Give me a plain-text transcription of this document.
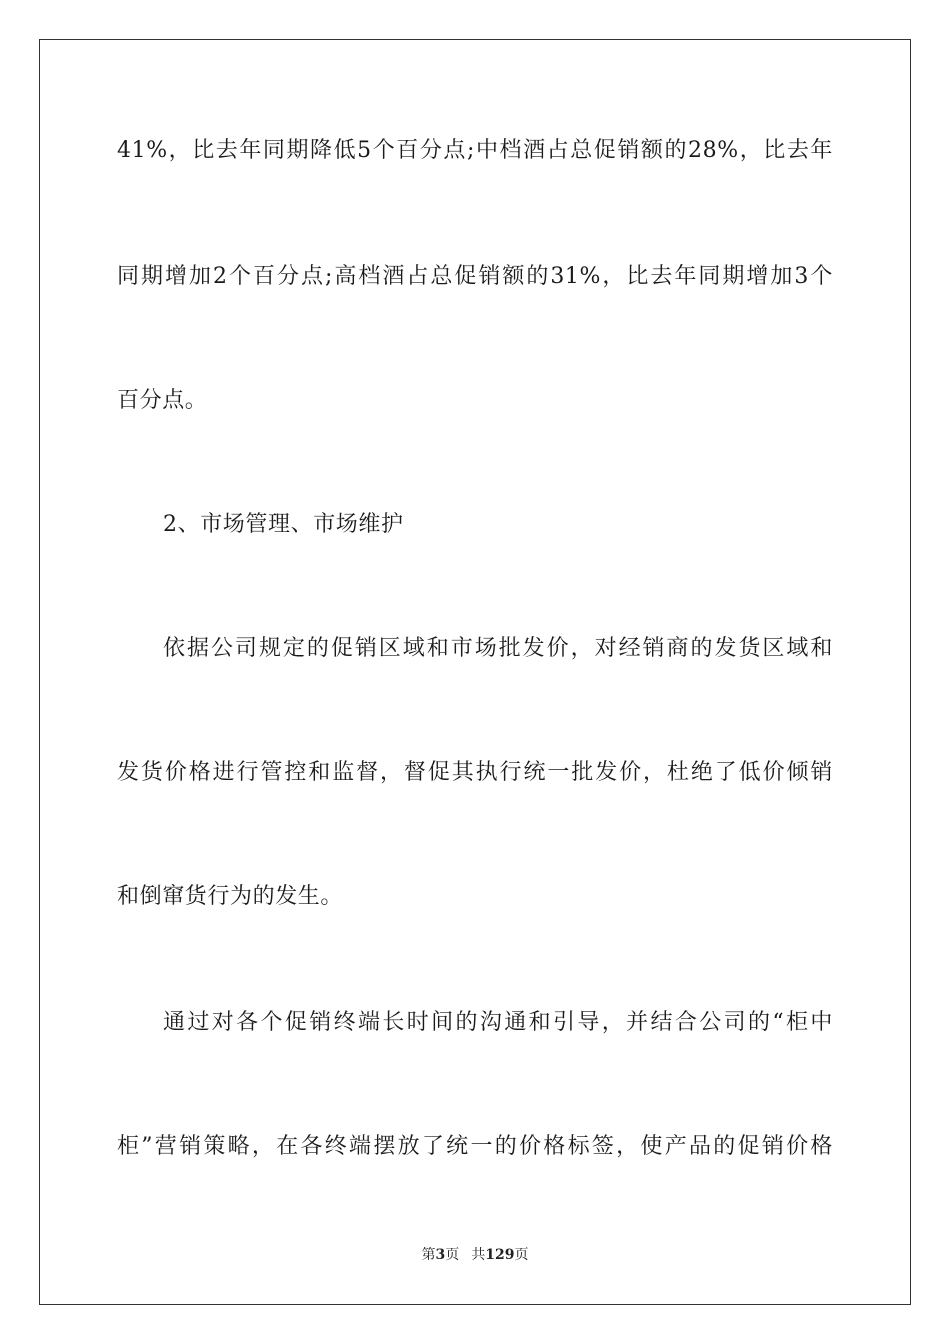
41%，比去年同期降低5个百分点;中档酒占总促销额的28%，比去年
同期增加2个百分点;高档酒占总促销额的31%，比去年同期增加3个
百分点。
2、市场管理、市场维护
依据公司规定的促销区域和市场批发价，对经销商的发货区域和
发货价格进行管控和监督，督促其执行统一批发价，杜绝了低价倾销
和倒窜货行为的发生。
通过对各个促销终端长时间的沟通和引导，并结合公司的“柜中
柜”营销策略，在各终端摆放了统一的价格标签，使产品的促销价格
第3页 共129页
